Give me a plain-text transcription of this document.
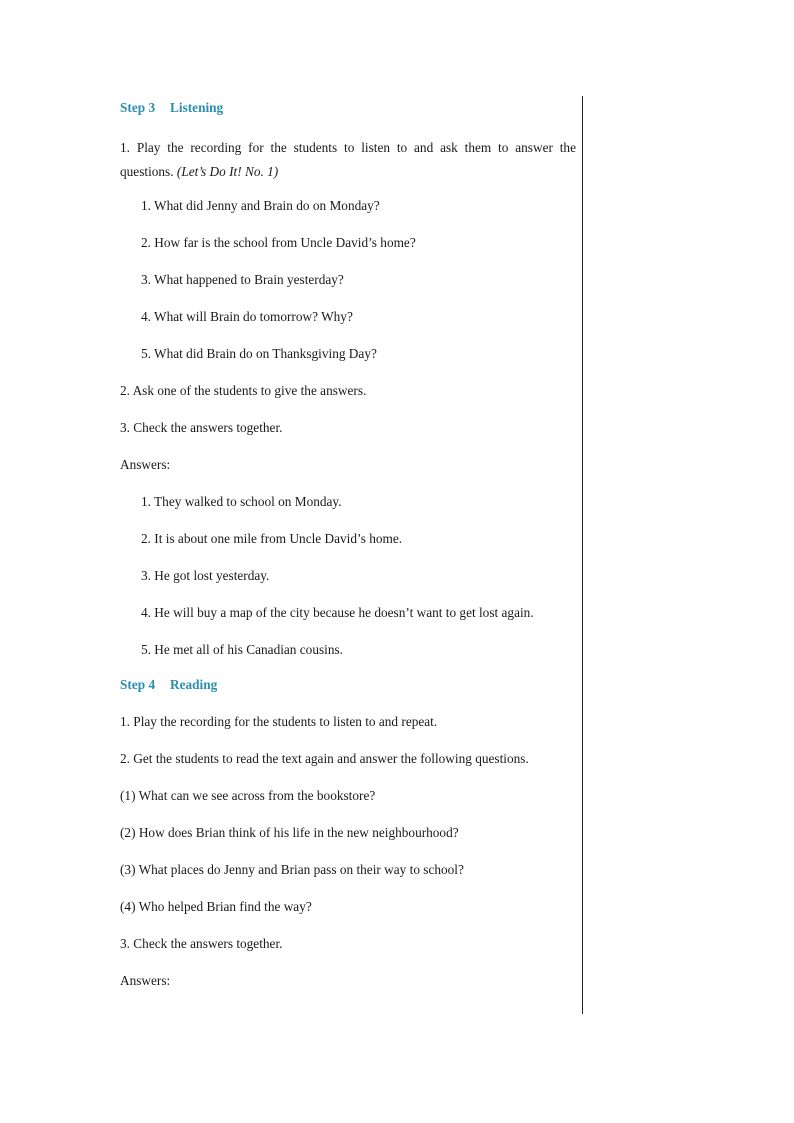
Step 3 Listening
1. Play the recording for the students to listen to and ask them to answer the questions. (Let’s Do It! No. 1)
1. What did Jenny and Brain do on Monday?
2. How far is the school from Uncle David’s home?
3. What happened to Brain yesterday?
4. What will Brain do tomorrow? Why?
5. What did Brain do on Thanksgiving Day?
2. Ask one of the students to give the answers.
3. Check the answers together.
Answers:
1. They walked to school on Monday.
2. It is about one mile from Uncle David’s home.
3. He got lost yesterday.
4. He will buy a map of the city because he doesn’t want to get lost again.
5. He met all of his Canadian cousins.
Step 4 Reading
1. Play the recording for the students to listen to and repeat.
2. Get the students to read the text again and answer the following questions.
(1) What can we see across from the bookstore?
(2) How does Brian think of his life in the new neighbourhood?
(3) What places do Jenny and Brian pass on their way to school?
(4) Who helped Brian find the way?
3. Check the answers together.
Answers:
